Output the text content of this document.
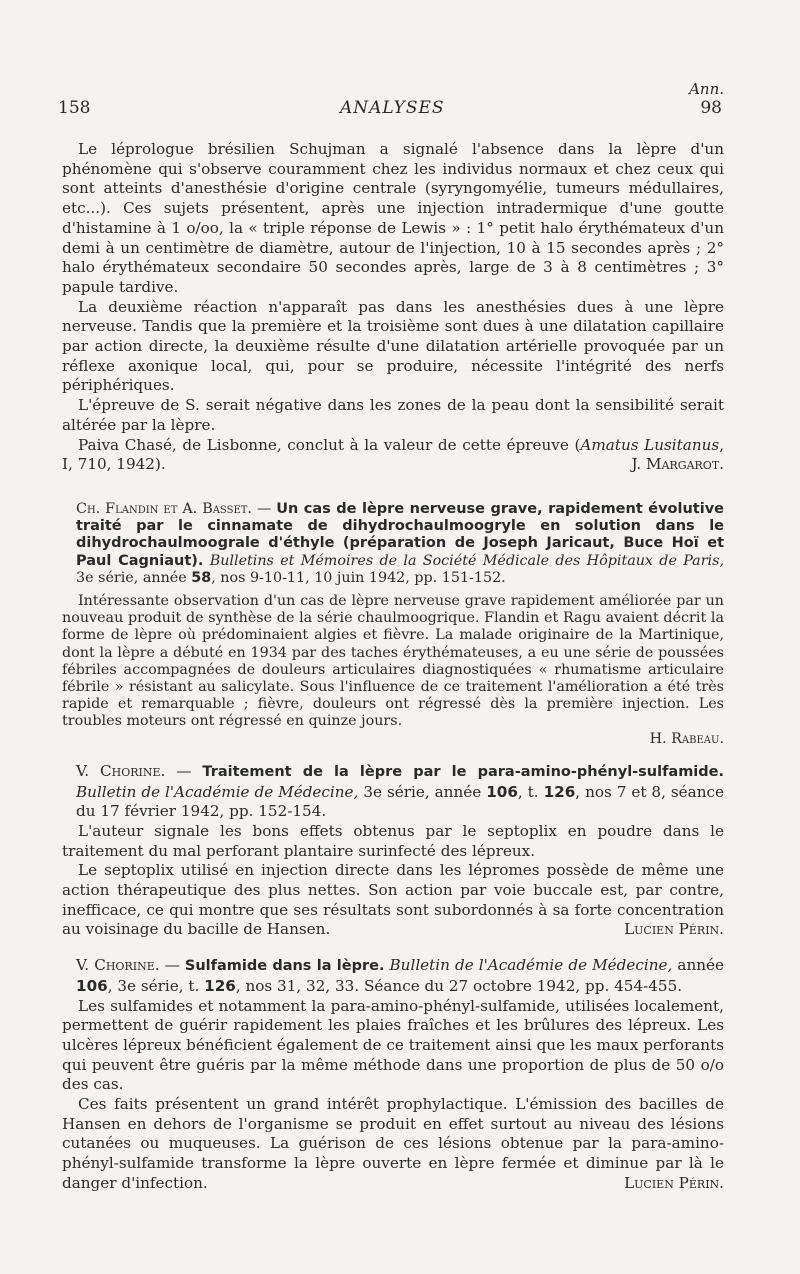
Ann.
158	ANALYSES	98

Le léprologue brésilien Schujman a signalé l'absence dans la lèpre d'un phénomène qui s'observe couramment chez les individus normaux et chez ceux qui sont atteints d'anesthésie d'origine centrale (syryngomyélie, tumeurs médullaires, etc...). Ces sujets présentent, après une injection intradermique d'une goutte d'histamine à 1 o/oo, la « triple réponse de Lewis » : 1° petit halo érythémateux d'un demi à un centimètre de diamètre, autour de l'injection, 10 à 15 secondes après ; 2° halo érythémateux secondaire 50 secondes après, large de 3 à 8 centimètres ; 3° papule tardive.

La deuxième réaction n'apparaît pas dans les anesthésies dues à une lèpre nerveuse. Tandis que la première et la troisième sont dues à une dilatation capillaire par action directe, la deuxième résulte d'une dilatation artérielle provoquée par un réflexe axonique local, qui, pour se produire, nécessite l'intégrité des nerfs périphériques.

L'épreuve de S. serait négative dans les zones de la peau dont la sensibilité serait altérée par la lèpre.

Paiva Chasé, de Lisbonne, conclut à la valeur de cette épreuve (Amatus Lusitanus, I, 710, 1942).	J. Margarot.

Ch. Flandin et A. Basset. — Un cas de lèpre nerveuse grave, rapidement évolutive traité par le cinnamate de dihydrochaulmoogryle en solution dans le dihydrochaulmoograle d'éthyle (préparation de Joseph Jaricaut, Buce Hoï et Paul Cagniaut). Bulletins et Mémoires de la Société Médicale des Hôpitaux de Paris, 3e série, année 58, nos 9-10-11, 10 juin 1942, pp. 151-152.

Intéressante observation d'un cas de lèpre nerveuse grave rapidement améliorée par un nouveau produit de synthèse de la série chaulmoogrique. Flandin et Ragu avaient décrit la forme de lèpre où prédominaient algies et fièvre. La malade originaire de la Martinique, dont la lèpre a débuté en 1934 par des taches érythémateuses, a eu une série de poussées fébriles accompagnées de douleurs articulaires diagnostiquées « rhumatisme articulaire fébrile » résistant au salicylate. Sous l'influence de ce traitement l'amélioration a été très rapide et remarquable ; fièvre, douleurs ont régressé dès la première injection. Les troubles moteurs ont régressé en quinze jours.

H. Rabeau.

V. Chorine. — Traitement de la lèpre par le para-amino-phényl-sulfamide. Bulletin de l'Académie de Médecine, 3e série, année 106, t. 126, nos 7 et 8, séance du 17 février 1942, pp. 152-154.

L'auteur signale les bons effets obtenus par le septoplix en poudre dans le traitement du mal perforant plantaire surinfecté des lépreux.

Le septoplix utilisé en injection directe dans les lépromes possède de même une action thérapeutique des plus nettes. Son action par voie buccale est, par contre, inefficace, ce qui montre que ses résultats sont subordonnés à sa forte concentration au voisinage du bacille de Hansen.	Lucien Périn.

V. Chorine. — Sulfamide dans la lèpre. Bulletin de l'Académie de Médecine, année 106, 3e série, t. 126, nos 31, 32, 33. Séance du 27 octobre 1942, pp. 454-455.

Les sulfamides et notamment la para-amino-phényl-sulfamide, utilisées localement, permettent de guérir rapidement les plaies fraîches et les brûlures des lépreux. Les ulcères lépreux bénéficient également de ce traitement ainsi que les maux perforants qui peuvent être guéris par la même méthode dans une proportion de plus de 50 o/o des cas.

Ces faits présentent un grand intérêt prophylactique. L'émission des bacilles de Hansen en dehors de l'organisme se produit en effet surtout au niveau des lésions cutanées ou muqueuses. La guérison de ces lésions obtenue par la para-amino-phényl-sulfamide transforme la lèpre ouverte en lèpre fermée et diminue par là le danger d'infection.	Lucien Périn.
